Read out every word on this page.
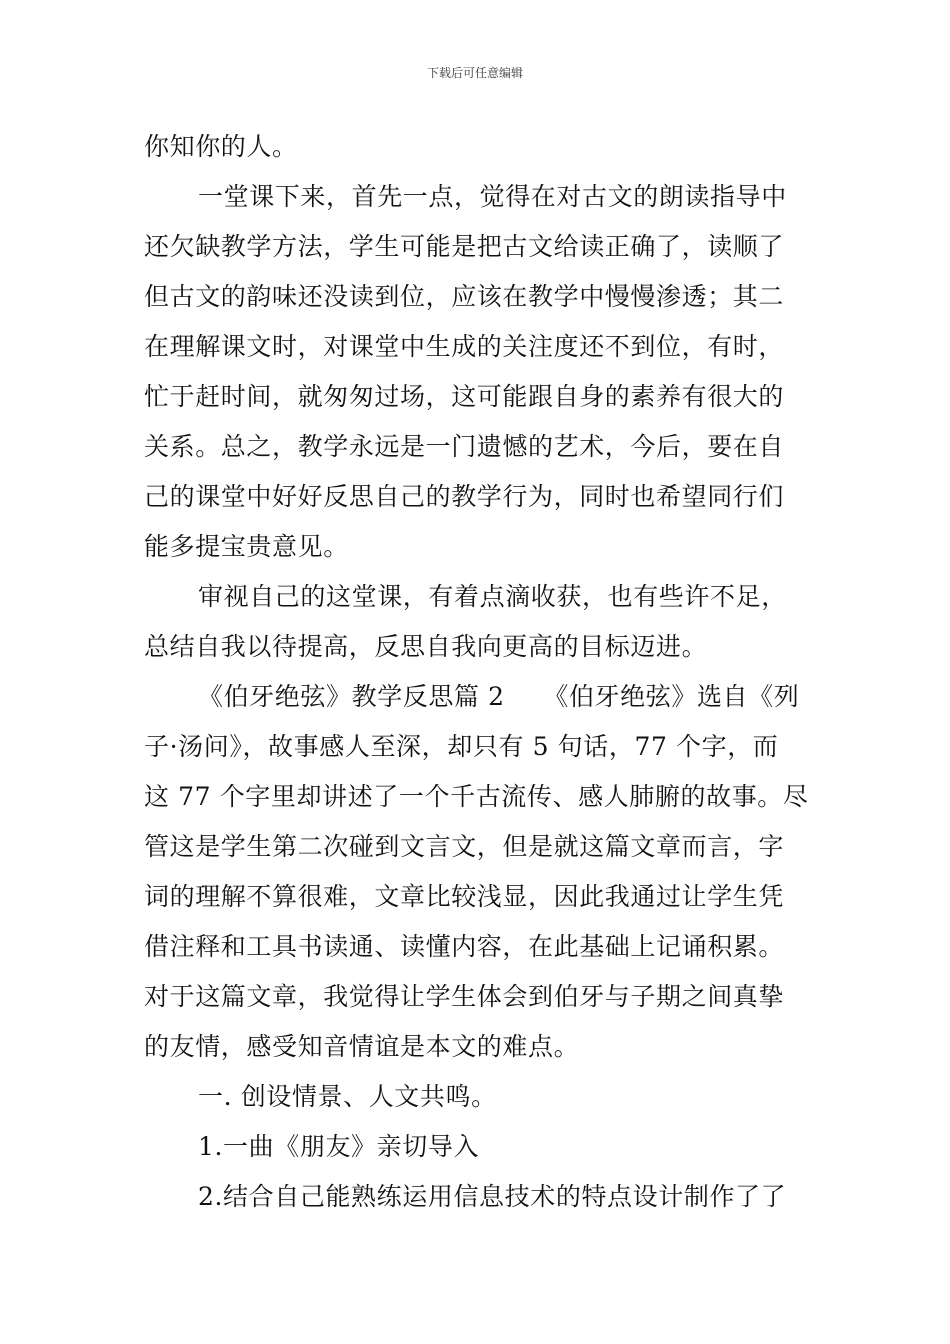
下载后可任意编辑
你知你的人。
一堂课下来，首先一点，觉得在对古文的朗读指导中
还欠缺教学方法，学生可能是把古文给读正确了，读顺了
但古文的韵味还没读到位，应该在教学中慢慢渗透；其二
在理解课文时，对课堂中生成的关注度还不到位，有时，
忙于赶时间，就匆匆过场，这可能跟自身的素养有很大的
关系。总之，教学永远是一门遗憾的艺术，今后，要在自
己的课堂中好好反思自己的教学行为，同时也希望同行们
能多提宝贵意见。
审视自己的这堂课，有着点滴收获，也有些许不足，
总结自我以待提高，反思自我向更高的目标迈进。
《伯牙绝弦》教学反思篇 2　　《伯牙绝弦》选自《列
子·汤问》，故事感人至深，却只有 5 句话，77 个字，而
这 77 个字里却讲述了一个千古流传、感人肺腑的故事。尽
管这是学生第二次碰到文言文，但是就这篇文章而言，字
词的理解不算很难，文章比较浅显，因此我通过让学生凭
借注释和工具书读通、读懂内容，在此基础上记诵积累。
对于这篇文章，我觉得让学生体会到伯牙与子期之间真挚
的友情，感受知音情谊是本文的难点。
一. 创设情景、人文共鸣。
1.一曲《朋友》亲切导入
2.结合自己能熟练运用信息技术的特点设计制作了了
